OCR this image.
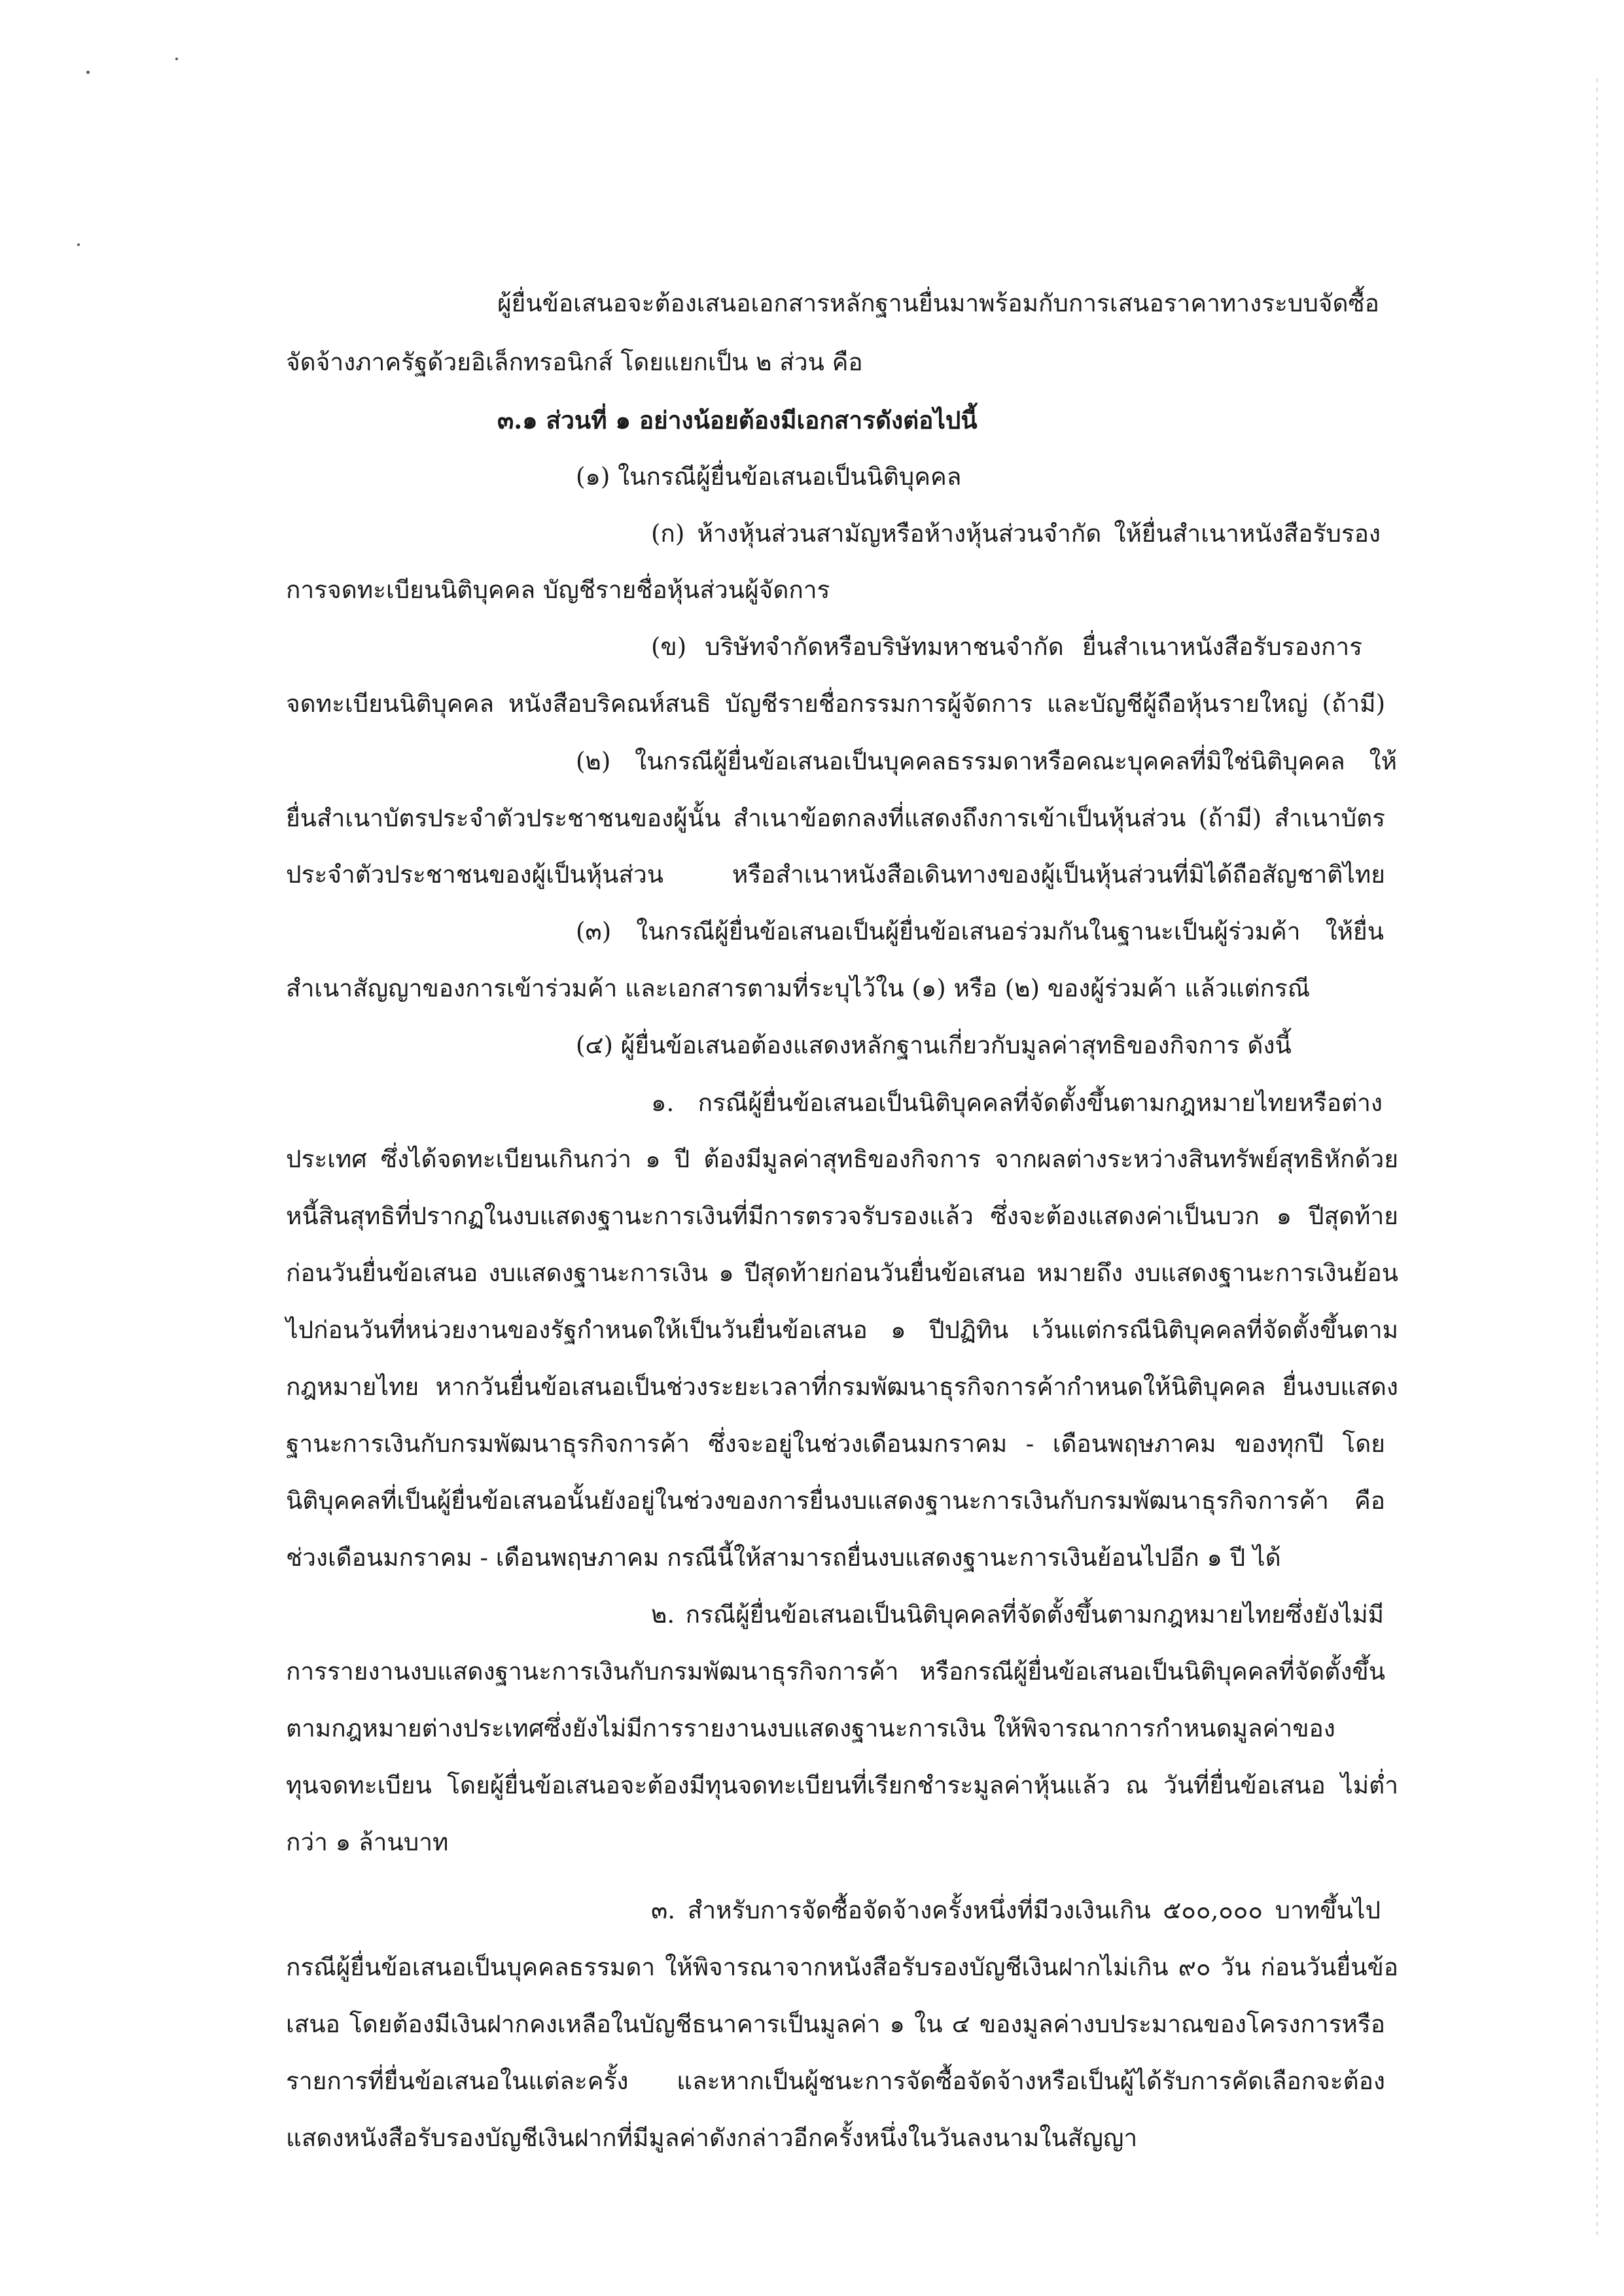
ผู้ยื่นข้อเสนอจะต้องเสนอเอกสารหลักฐานยื่นมาพร้อมกับการเสนอราคาทางระบบจัดซื้อ
จัดจ้างภาครัฐด้วยอิเล็กทรอนิกส์ โดยแยกเป็น ๒ ส่วน คือ
๓.๑ ส่วนที่ ๑ อย่างน้อยต้องมีเอกสารดังต่อไปนี้
(๑) ในกรณีผู้ยื่นข้อเสนอเป็นนิติบุคคล
(ก) ห้างหุ้นส่วนสามัญหรือห้างหุ้นส่วนจำกัด ให้ยื่นสำเนาหนังสือรับรอง
การจดทะเบียนนิติบุคคล บัญชีรายชื่อหุ้นส่วนผู้จัดการ
(ข) บริษัทจำกัดหรือบริษัทมหาชนจำกัด ยื่นสำเนาหนังสือรับรองการ
จดทะเบียนนิติบุคคล หนังสือบริคณห์สนธิ บัญชีรายชื่อกรรมการผู้จัดการ และบัญชีผู้ถือหุ้นรายใหญ่ (ถ้ามี)
(๒) ในกรณีผู้ยื่นข้อเสนอเป็นบุคคลธรรมดาหรือคณะบุคคลที่มิใช่นิติบุคคล ให้
ยื่นสำเนาบัตรประจำตัวประชาชนของผู้นั้น สำเนาข้อตกลงที่แสดงถึงการเข้าเป็นหุ้นส่วน (ถ้ามี) สำเนาบัตร
ประจำตัวประชาชนของผู้เป็นหุ้นส่วน หรือสำเนาหนังสือเดินทางของผู้เป็นหุ้นส่วนที่มิได้ถือสัญชาติไทย
(๓) ในกรณีผู้ยื่นข้อเสนอเป็นผู้ยื่นข้อเสนอร่วมกันในฐานะเป็นผู้ร่วมค้า ให้ยื่น
สำเนาสัญญาของการเข้าร่วมค้า และเอกสารตามที่ระบุไว้ใน (๑) หรือ (๒) ของผู้ร่วมค้า แล้วแต่กรณี
(๔) ผู้ยื่นข้อเสนอต้องแสดงหลักฐานเกี่ยวกับมูลค่าสุทธิของกิจการ ดังนี้
๑. กรณีผู้ยื่นข้อเสนอเป็นนิติบุคคลที่จัดตั้งขึ้นตามกฎหมายไทยหรือต่าง
ประเทศ ซึ่งได้จดทะเบียนเกินกว่า ๑ ปี ต้องมีมูลค่าสุทธิของกิจการ จากผลต่างระหว่างสินทรัพย์สุทธิหักด้วย
หนี้สินสุทธิที่ปรากฏในงบแสดงฐานะการเงินที่มีการตรวจรับรองแล้ว ซึ่งจะต้องแสดงค่าเป็นบวก ๑ ปีสุดท้าย
ก่อนวันยื่นข้อเสนอ งบแสดงฐานะการเงิน ๑ ปีสุดท้ายก่อนวันยื่นข้อเสนอ หมายถึง งบแสดงฐานะการเงินย้อน
ไปก่อนวันที่หน่วยงานของรัฐกำหนดให้เป็นวันยื่นข้อเสนอ ๑ ปีปฏิทิน เว้นแต่กรณีนิติบุคคลที่จัดตั้งขึ้นตาม
กฎหมายไทย หากวันยื่นข้อเสนอเป็นช่วงระยะเวลาที่กรมพัฒนาธุรกิจการค้ากำหนดให้นิติบุคคล ยื่นงบแสดง
ฐานะการเงินกับกรมพัฒนาธุรกิจการค้า ซึ่งจะอยู่ในช่วงเดือนมกราคม - เดือนพฤษภาคม ของทุกปี โดย
นิติบุคคลที่เป็นผู้ยื่นข้อเสนอนั้นยังอยู่ในช่วงของการยื่นงบแสดงฐานะการเงินกับกรมพัฒนาธุรกิจการค้า คือ
ช่วงเดือนมกราคม - เดือนพฤษภาคม กรณีนี้ให้สามารถยื่นงบแสดงฐานะการเงินย้อนไปอีก ๑ ปี ได้
๒. กรณีผู้ยื่นข้อเสนอเป็นนิติบุคคลที่จัดตั้งขึ้นตามกฎหมายไทยซึ่งยังไม่มี
การรายงานงบแสดงฐานะการเงินกับกรมพัฒนาธุรกิจการค้า หรือกรณีผู้ยื่นข้อเสนอเป็นนิติบุคคลที่จัดตั้งขึ้น
ตามกฎหมายต่างประเทศซึ่งยังไม่มีการรายงานงบแสดงฐานะการเงิน ให้พิจารณาการกำหนดมูลค่าของ
ทุนจดทะเบียน โดยผู้ยื่นข้อเสนอจะต้องมีทุนจดทะเบียนที่เรียกชำระมูลค่าหุ้นแล้ว ณ วันที่ยื่นข้อเสนอ ไม่ต่ำ
กว่า ๑ ล้านบาท
๓. สำหรับการจัดซื้อจัดจ้างครั้งหนึ่งที่มีวงเงินเกิน ๕๐๐,๐๐๐ บาทขึ้นไป
กรณีผู้ยื่นข้อเสนอเป็นบุคคลธรรมดา ให้พิจารณาจากหนังสือรับรองบัญชีเงินฝากไม่เกิน ๙๐ วัน ก่อนวันยื่นข้อ
เสนอ โดยต้องมีเงินฝากคงเหลือในบัญชีธนาคารเป็นมูลค่า ๑ ใน ๔ ของมูลค่างบประมาณของโครงการหรือ
รายการที่ยื่นข้อเสนอในแต่ละครั้ง และหากเป็นผู้ชนะการจัดซื้อจัดจ้างหรือเป็นผู้ได้รับการคัดเลือกจะต้อง
แสดงหนังสือรับรองบัญชีเงินฝากที่มีมูลค่าดังกล่าวอีกครั้งหนึ่งในวันลงนามในสัญญา
